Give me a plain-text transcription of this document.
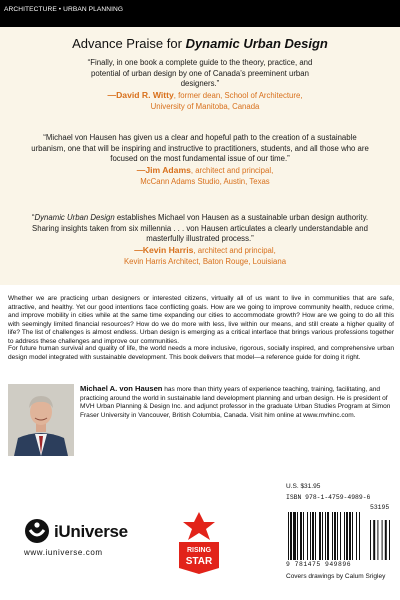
ARCHITECTURE • URBAN PLANNING
Advance Praise for Dynamic Urban Design
“Finally, in one book a complete guide to the theory, practice, and potential of urban design by one of Canada’s preeminent urban designers.”
—David R. Witty, former dean, School of Architecture,
University of Manitoba, Canada
“Michael von Hausen has given us a clear and hopeful path to the creation of a sustainable urbanism, one that will be inspiring and instructive to practitioners, students, and all those who are focused on the most fundamental issue of our time.”
—Jim Adams, architect and principal,
McCann Adams Studio, Austin, Texas
“Dynamic Urban Design establishes Michael von Hausen as a sustainable urban design authority. Sharing insights taken from six millennia . . . von Hausen articulates a clearly understandable and masterfully illustrated process.”
—Kevin Harris, architect and principal,
Kevin Harris Architect, Baton Rouge, Louisiana
Whether we are practicing urban designers or interested citizens, virtually all of us want to live in communities that are safe, attractive, and healthy. Yet our good intentions face conflicting goals. How are we going to improve community health, reduce crime, and improve mobility in cities while at the same time expanding our cities to accommodate growth? How are we going to do all this with seemingly limited financial resources? How do we do more with less, live within our means, and still create a higher quality of life? The list of challenges is almost endless. Urban design is emerging as a critical interface that brings various professions together to address these challenges and improve our communities.
For future human survival and quality of life, the world needs a more inclusive, rigorous, socially inspired, and comprehensive urban design model integrated with sustainable development. This book delivers that model—a reference guide for doing it right.
Michael A. von Hausen has more than thirty years of experience teaching, training, facilitating, and practicing around the world in sustainable land development planning and urban design. He is president of MVH Urban Planning & Design Inc. and adjunct professor in the graduate Urban Studies Program at Simon Fraser University in Vancouver, British Columbia, Canada. Visit him online at www.mvhinc.com.
iUniverse
www.iuniverse.com	RISING
STAR
U.S. $31.95
ISBN 978-1-4759-4989-6
53195
9 781475 949896
Covers drawings by Calum Srigley
